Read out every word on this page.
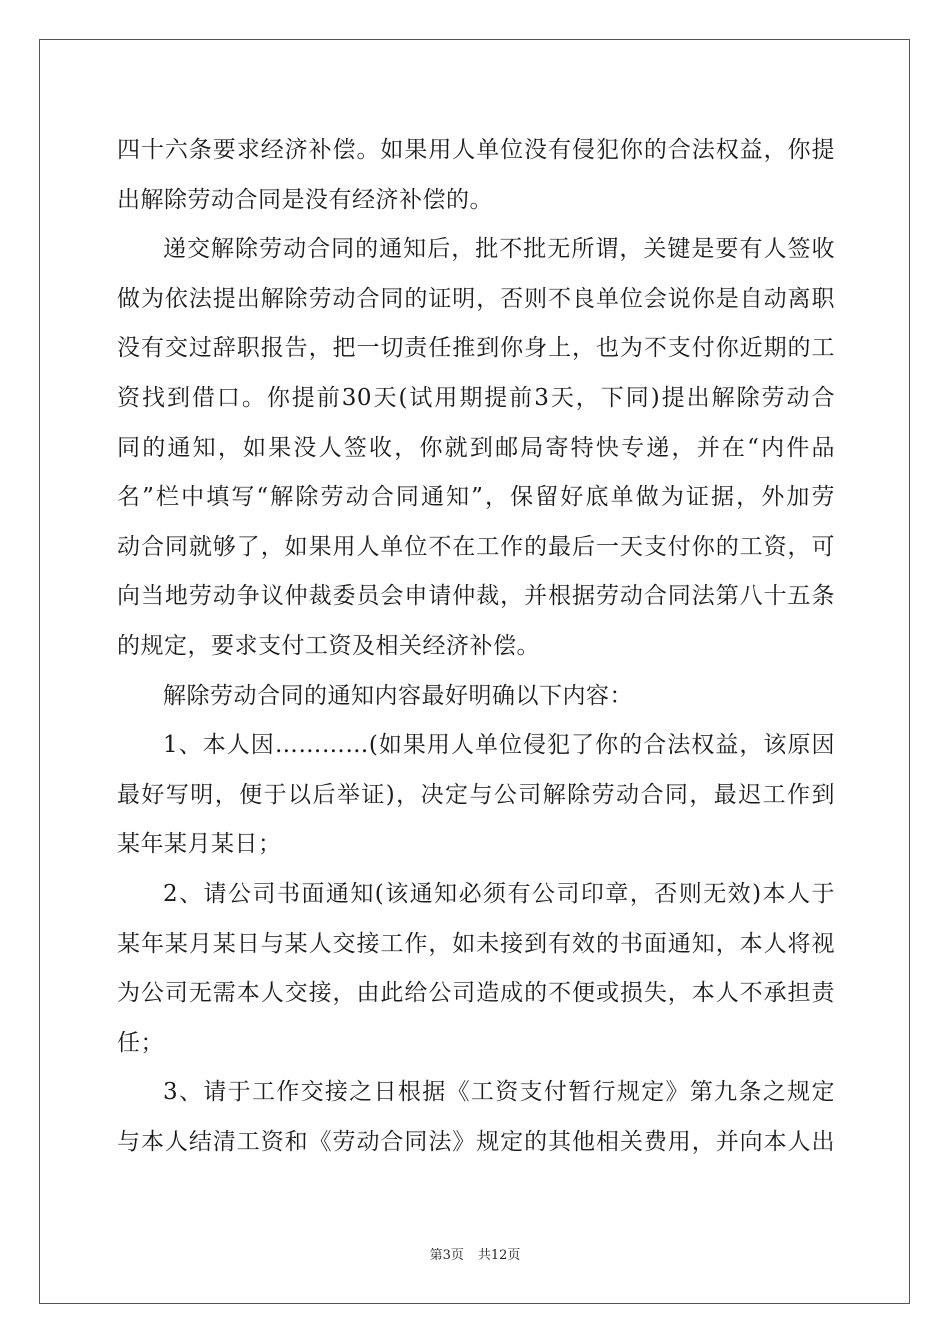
四十六条要求经济补偿。如果用人单位没有侵犯你的合法权益，你提
出解除劳动合同是没有经济补偿的。
递交解除劳动合同的通知后，批不批无所谓，关键是要有人签收
做为依法提出解除劳动合同的证明，否则不良单位会说你是自动离职
没有交过辞职报告，把一切责任推到你身上，也为不支付你近期的工
资找到借口。你提前30天(试用期提前3天，下同)提出解除劳动合
同的通知，如果没人签收，你就到邮局寄特快专递，并在“内件品
名”栏中填写“解除劳动合同通知”，保留好底单做为证据，外加劳
动合同就够了，如果用人单位不在工作的最后一天支付你的工资，可
向当地劳动争议仲裁委员会申请仲裁，并根据劳动合同法第八十五条
的规定，要求支付工资及相关经济补偿。
解除劳动合同的通知内容最好明确以下内容：
1、本人因…………(如果用人单位侵犯了你的合法权益，该原因
最好写明，便于以后举证)，决定与公司解除劳动合同，最迟工作到
某年某月某日；
2、请公司书面通知(该通知必须有公司印章，否则无效)本人于
某年某月某日与某人交接工作，如未接到有效的书面通知，本人将视
为公司无需本人交接，由此给公司造成的不便或损失，本人不承担责
任；
3、请于工作交接之日根据《工资支付暂行规定》第九条之规定
与本人结清工资和《劳动合同法》规定的其他相关费用，并向本人出
第3页 共12页
